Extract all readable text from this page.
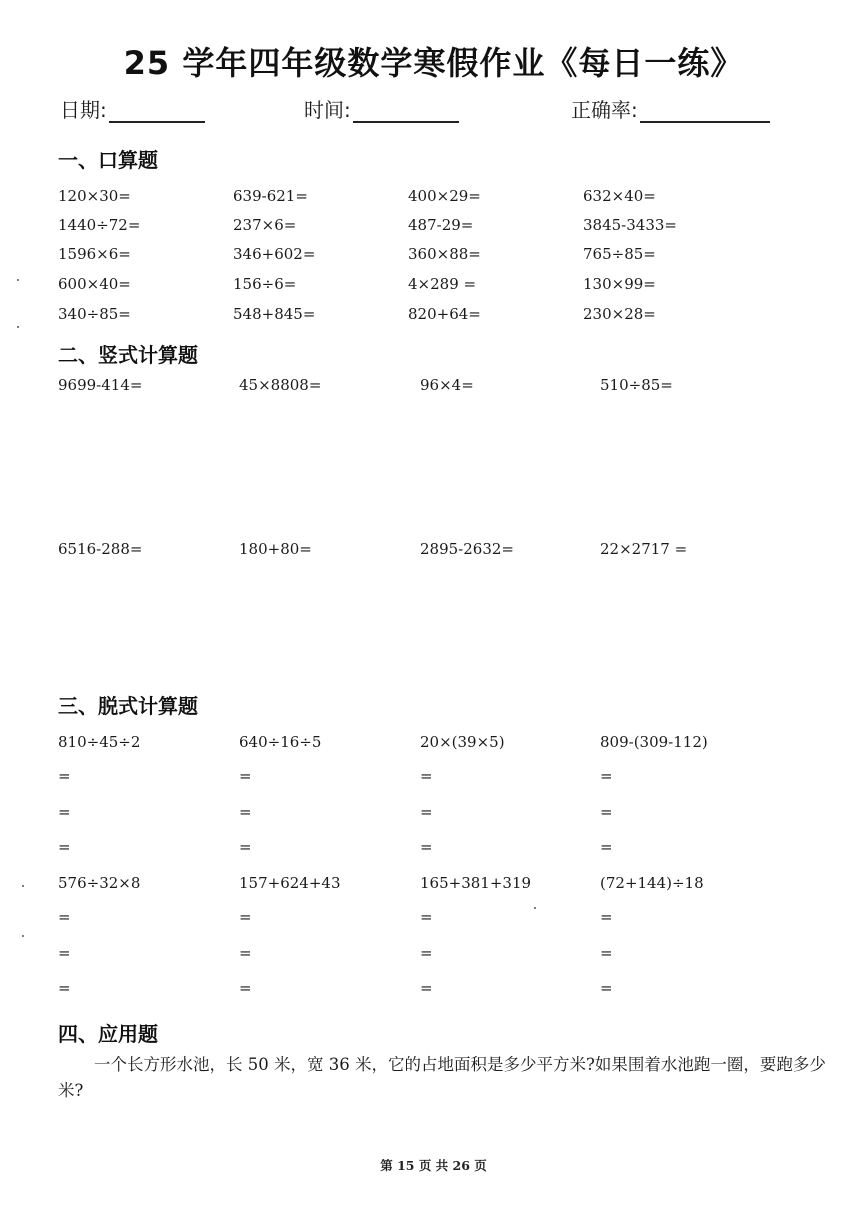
25 学年四年级数学寒假作业《每日一练》
日期:	时间:	正确率:
一、口算题
120×30=	639-621=	400×29=	632×40=
1440÷72=	237×6=	487-29=	3845-3433=
1596×6=	346+602=	360×88=	765÷85=
600×40=	156÷6=	4×289 =	130×99=
340÷85=	548+845=	820+64=	230×28=
二、竖式计算题
9699-414=	45×8808=	96×4=	510÷85=
6516-288=	180+80=	2895-2632=	22×2717 =
三、脱式计算题
810÷45÷2	640÷16÷5	20×(39×5)	809-(309-112)
=	=	=	=
=	=	=	=
=	=	=	=
576÷32×8	157+624+43	165+381+319	(72+144)÷18
=	=	=	=
=	=	=	=
=	=	=	=
四、应用题
一个长方形水池，长 50 米，宽 36 米，它的占地面积是多少平方米?如果围着水池跑一圈，要跑多少米?
第 15 页 共 26 页
